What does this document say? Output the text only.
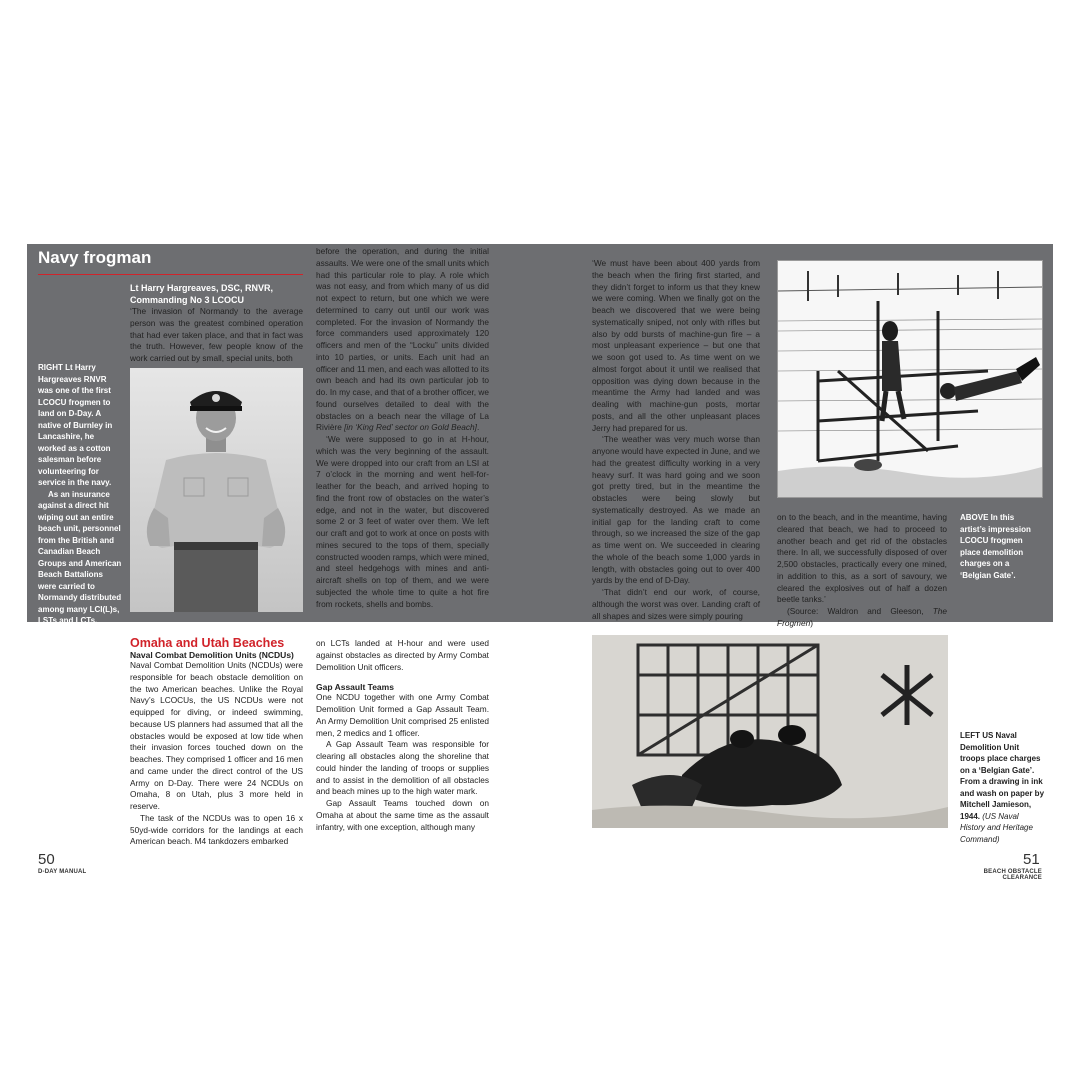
Navy frogman

RIGHT Lt Harry Hargreaves RNVR was one of the first LCOCU frogmen to land on D-Day. A native of Burnley in Lancashire, he worked as a cotton salesman before volunteering for service in the navy.

As an insurance against a direct hit wiping out an entire beach unit, personnel from the British and Canadian Beach Groups and American Beach Battalions were carried to Normandy distributed among many LCI(L)s, LSTs and LCTs.

Lt Harry Hargreaves, DSC, RNVR,

Commanding No 3 LCOCU

‘The invasion of Normandy to the average person was the greatest combined operation that had ever taken place, and that in fact was the truth. However, few people know of the work carried out by small, special units, both

before the operation, and during the initial assaults. We were one of the small units which had this particular role to play. A role which was not easy, and from which many of us did not expect to return, but one which we were determined to carry out until our work was completed. For the invasion of Normandy the force commanders used approximately 120 officers and men of the “Locku” units divided into 10 parties, or units. Each unit had an officer and 11 men, and each was allotted to its own beach and had its own particular job to do. In my case, and that of a brother officer, we found ourselves detailed to deal with the obstacles on a beach near the village of La Rivière [in ‘King Red’ sector on Gold Beach].

‘We were supposed to go in at H-hour, which was the very beginning of the assault. We were dropped into our craft from an LSI at 7 o’clock in the morning and went hell-for-leather for the beach, and arrived hoping to find the front row of obstacles on the water’s edge, and not in the water, but discovered some 2 or 3 feet of water over them. We left our craft and got to work at once on posts with mines secured to the tops of them, specially constructed wooden ramps, which were mined, and steel hedgehogs with mines and anti-aircraft shells on top of them, and we were subjected the whole time to quite a hot fire from rockets, shells and bombs.

‘We must have been about 400 yards from the beach when the firing first started, and they didn’t forget to inform us that they knew we were coming. When we finally got on the beach we discovered that we were being systematically sniped, not only with rifles but also by odd bursts of machine-gun fire – a most unpleasant experience – but one that we soon got used to. As time went on we almost forgot about it until we realised that opposition was dying down because in the meantime the Army had landed and was dealing with machine-gun posts, mortar posts, and all the other unpleasant places Jerry had prepared for us.

‘The weather was very much worse than anyone would have expected in June, and we had the greatest difficulty working in a very heavy surf. It was hard going and we soon got pretty tired, but in the meantime the obstacles were being slowly but systematically destroyed. As we made an initial gap for the landing craft to come through, so we increased the size of the gap as time went on. We succeeded in clearing the whole of the beach some 1,000 yards in length, with obstacles going out to over 400 yards by the end of D-Day.

‘That didn’t end our work, of course, although the worst was over. Landing craft of all shapes and sizes were simply pouring

on to the beach, and in the meantime, having cleared that beach, we had to proceed to another beach and get rid of the obstacles there. In all, we successfully disposed of over 2,500 obstacles, practically every one mined, in addition to this, as a sort of savoury, we cleared the explosives out of half a dozen beetle tanks.’

(Source: Waldron and Gleeson, The Frogmen)

ABOVE In this artist’s impression LCOCU frogmen place demolition charges on a ‘Belgian Gate’.

Omaha and Utah Beaches

Naval Combat Demolition Units (NCDUs)

Naval Combat Demolition Units (NCDUs) were responsible for beach obstacle demolition on the two American beaches. Unlike the Royal Navy’s LCOCUs, the US NCDUs were not equipped for diving, or indeed swimming, because US planners had assumed that all the obstacles would be exposed at low tide when their invasion forces touched down on the beaches. They comprised 1 officer and 16 men and came under the direct control of the US Army on D-Day. There were 24 NCDUs on Omaha, 8 on Utah, plus 3 more held in reserve.

The task of the NCDUs was to open 16 x 50yd-wide corridors for the landings at each American beach. M4 tankdozers embarked

on LCTs landed at H-hour and were used against obstacles as directed by Army Combat Demolition Unit officers.

Gap Assault Teams

One NCDU together with one Army Combat Demolition Unit formed a Gap Assault Team. An Army Demolition Unit comprised 25 enlisted men, 2 medics and 1 officer.

A Gap Assault Team was responsible for clearing all obstacles along the shoreline that could hinder the landing of troops or supplies and to assist in the demolition of all obstacles and beach mines up to the high water mark.

Gap Assault Teams touched down on Omaha at about the same time as the assault infantry, with one exception, although many

LEFT US Naval Demolition Unit troops place charges on a ‘Belgian Gate’. From a drawing in ink and wash on paper by Mitchell Jamieson, 1944. (US Naval History and Heritage Command)

50
D-DAY MANUAL
51
BEACH OBSTACLE CLEARANCE
